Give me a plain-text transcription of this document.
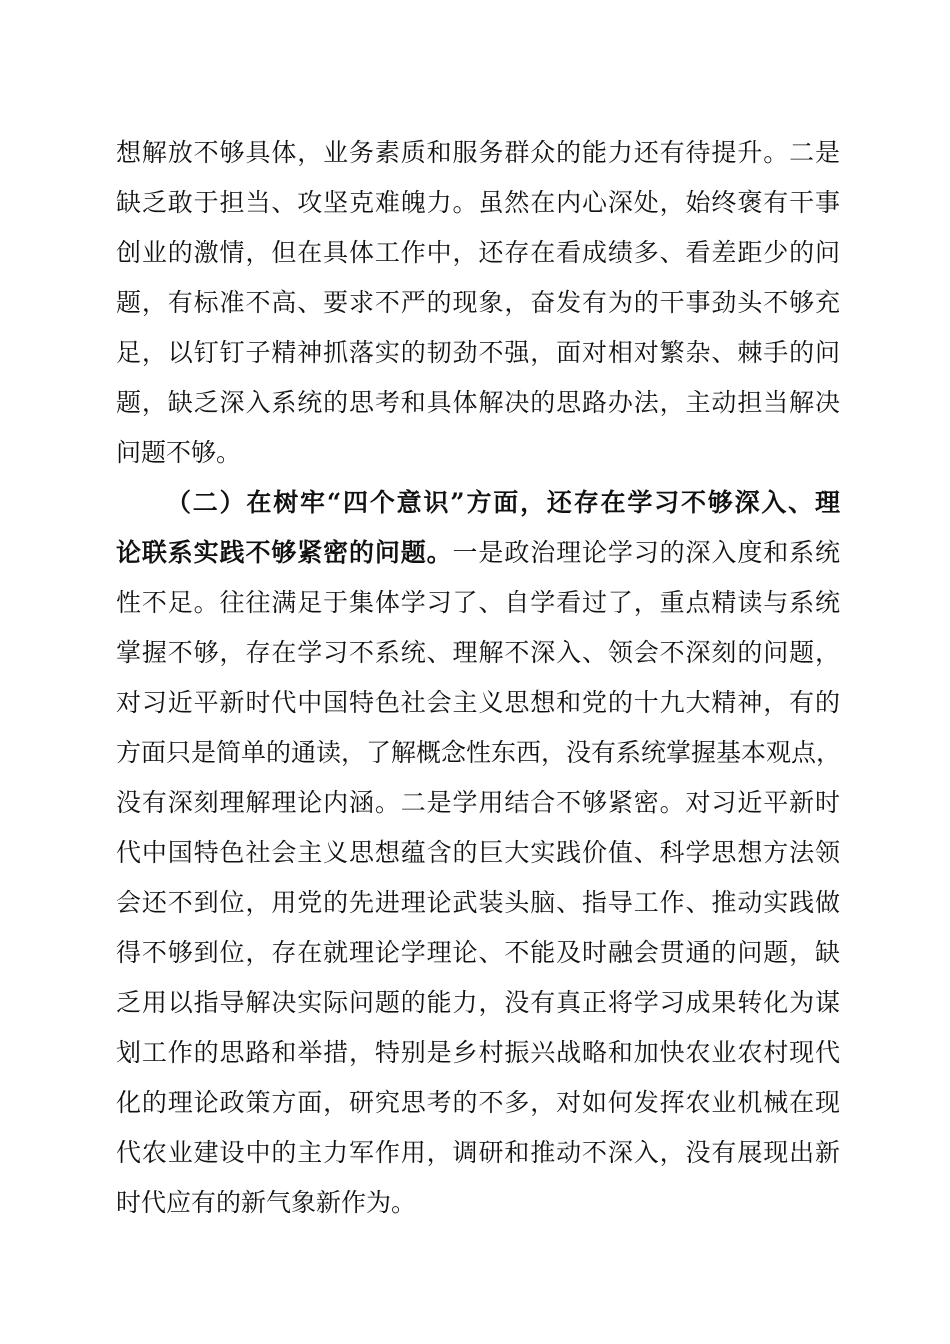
想解放不够具体，业务素质和服务群众的能力还有待提升。二是
缺乏敢于担当、攻坚克难魄力。虽然在内心深处，始终褒有干事
创业的激情，但在具体工作中，还存在看成绩多、看差距少的问
题，有标准不高、要求不严的现象，奋发有为的干事劲头不够充
足，以钉钉子精神抓落实的韧劲不强，面对相对繁杂、棘手的问
题，缺乏深入系统的思考和具体解决的思路办法，主动担当解决
问题不够。
（二）在树牢“四个意识”方面，还存在学习不够深入、理
论联系实践不够紧密的问题。一是政治理论学习的深入度和系统
性不足。往往满足于集体学习了、自学看过了，重点精读与系统
掌握不够，存在学习不系统、理解不深入、领会不深刻的问题，
对习近平新时代中国特色社会主义思想和党的十九大精神，有的
方面只是简单的通读，了解概念性东西，没有系统掌握基本观点，
没有深刻理解理论内涵。二是学用结合不够紧密。对习近平新时
代中国特色社会主义思想蕴含的巨大实践价值、科学思想方法领
会还不到位，用党的先进理论武装头脑、指导工作、推动实践做
得不够到位，存在就理论学理论、不能及时融会贯通的问题，缺
乏用以指导解决实际问题的能力，没有真正将学习成果转化为谋
划工作的思路和举措，特别是乡村振兴战略和加快农业农村现代
化的理论政策方面，研究思考的不多，对如何发挥农业机械在现
代农业建设中的主力军作用，调研和推动不深入，没有展现出新
时代应有的新气象新作为。
